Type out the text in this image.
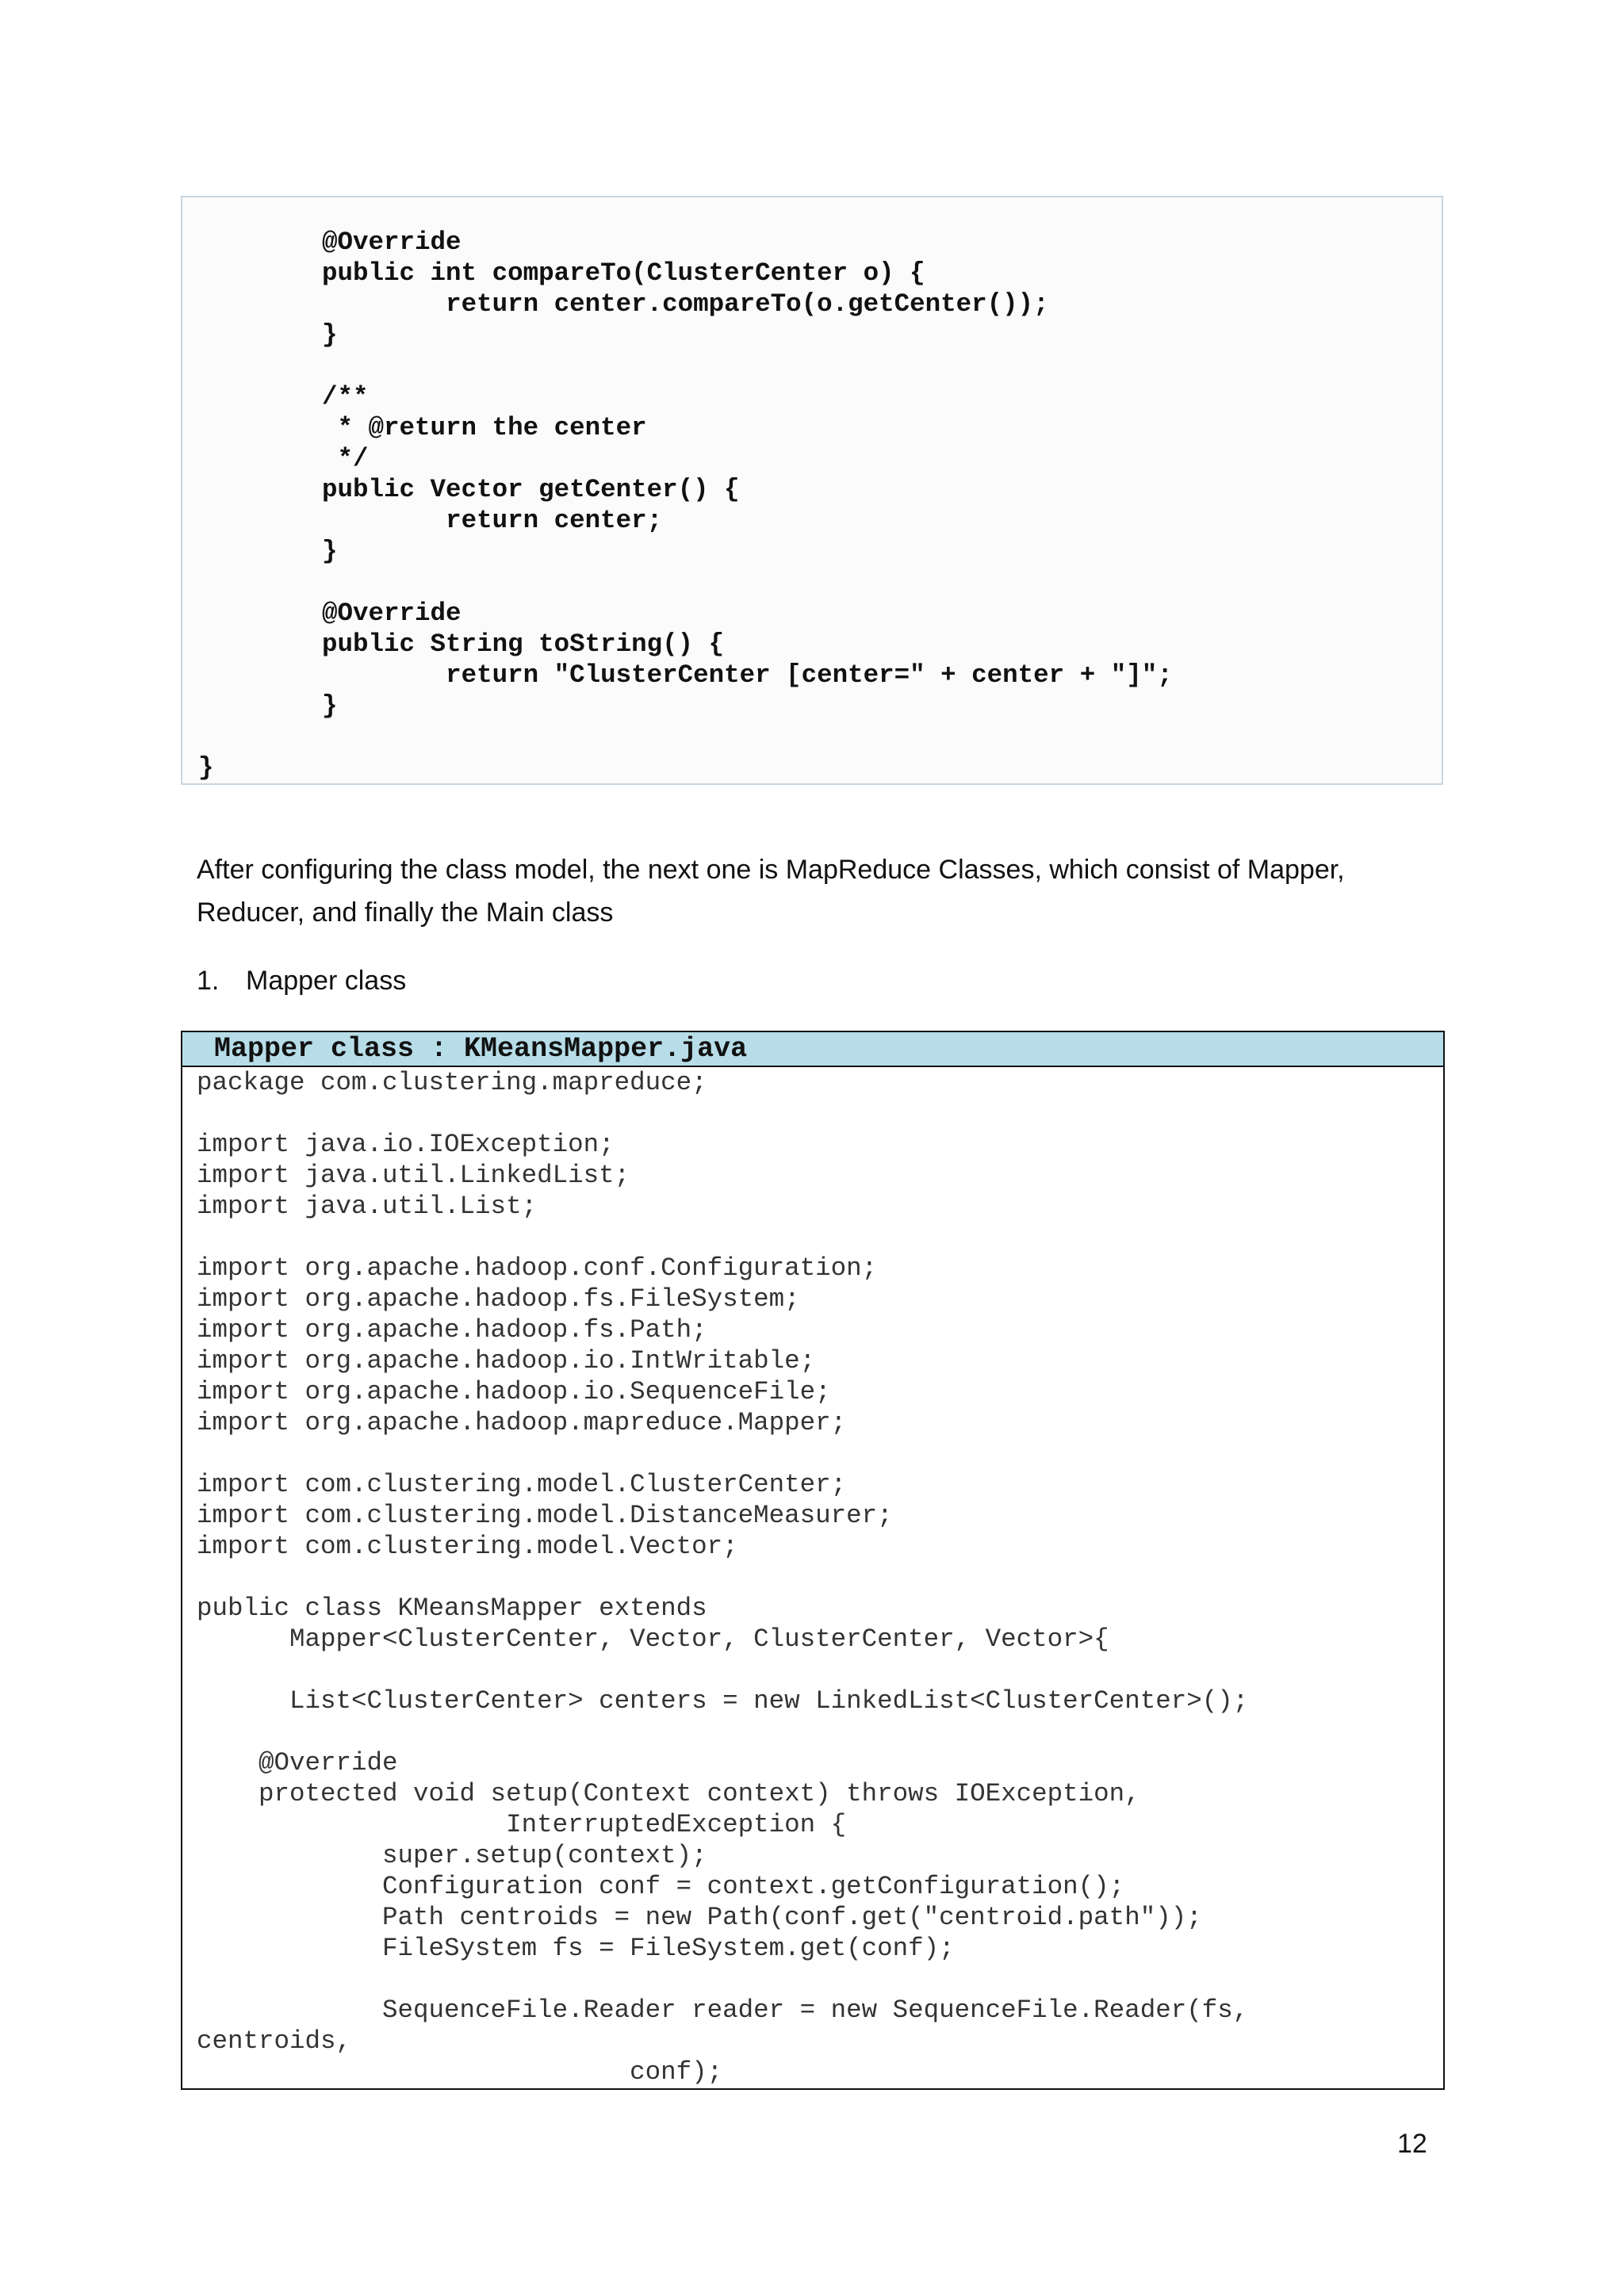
	@Override
	public int compareTo(ClusterCenter o) {
		return center.compareTo(o.getCenter());
	}

	/**
	* @return the center
	*/
	public Vector getCenter() {
		return center;
	}

	@Override
	public String toString() {
		return "ClusterCenter [center=" + center + "]";
	}

}
After configuring the class model, the next one is MapReduce Classes, which consist of Mapper, Reducer, and finally the Main class
1. Mapper class
Mapper class : KMeansMapper.java
package com.clustering.mapreduce;

import java.io.IOException;
import java.util.LinkedList;
import java.util.List;

import org.apache.hadoop.conf.Configuration;
import org.apache.hadoop.fs.FileSystem;
import org.apache.hadoop.fs.Path;
import org.apache.hadoop.io.IntWritable;
import org.apache.hadoop.io.SequenceFile;
import org.apache.hadoop.mapreduce.Mapper;

import com.clustering.model.ClusterCenter;
import com.clustering.model.DistanceMeasurer;
import com.clustering.model.Vector;

public class KMeansMapper extends
Mapper<ClusterCenter, Vector, ClusterCenter, Vector>{

List<ClusterCenter> centers = new LinkedList<ClusterCenter>();

@Override
protected void setup(Context context) throws IOException,
InterruptedException {
super.setup(context);
Configuration conf = context.getConfiguration();
Path centroids = new Path(conf.get("centroid.path"));
FileSystem fs = FileSystem.get(conf);

SequenceFile.Reader reader = new SequenceFile.Reader(fs,
centroids,
conf);
12
